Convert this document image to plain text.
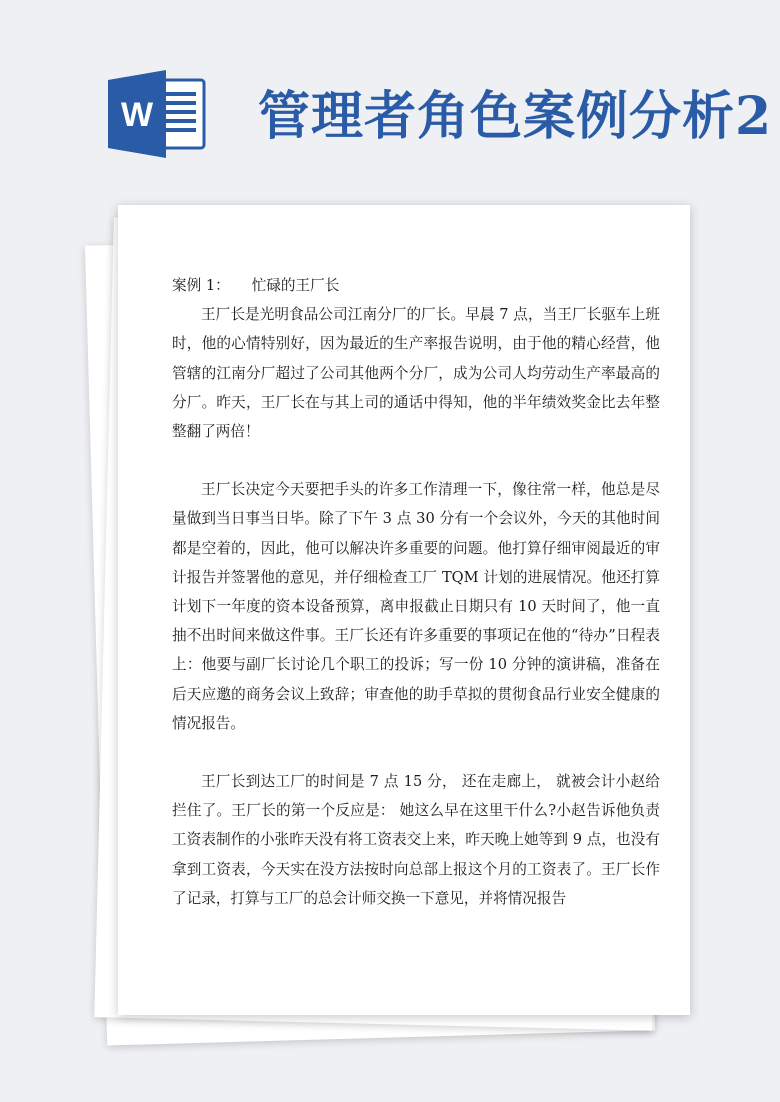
W 管理者角色案例分析2

案例 1： 忙碌的王厂长

王厂长是光明食品公司江南分厂的厂长。早晨 7 点，当王厂长驱车上班时，他的心情特别好，因为最近的生产率报告说明，由于他的精心经营，他管辖的江南分厂超过了公司其他两个分厂，成为公司人均劳动生产率最高的分厂。昨天，王厂长在与其上司的通话中得知，他的半年绩效奖金比去年整整翻了两倍！

王厂长决定今天要把手头的许多工作清理一下，像往常一样，他总是尽量做到当日事当日毕。除了下午 3 点 30 分有一个会议外，今天的其他时间都是空着的，因此，他可以解决许多重要的问题。他打算仔细审阅最近的审计报告并签署他的意见，并仔细检查工厂 TQM 计划的进展情况。他还打算计划下一年度的资本设备预算，离申报截止日期只有 10 天时间了，他一直抽不出时间来做这件事。王厂长还有许多重要的事项记在他的“待办”日程表上：他要与副厂长讨论几个职工的投诉；写一份 10 分钟的演讲稿，准备在后天应邀的商务会议上致辞；审查他的助手草拟的贯彻食品行业安全健康的情况报告。

王厂长到达工厂的时间是 7 点 15 分， 还在走廊上， 就被会计小赵给拦住了。王厂长的第一个反应是： 她这么早在这里干什么?小赵告诉他负责工资表制作的小张昨天没有将工资表交上来，昨天晚上她等到 9 点，也没有拿到工资表，今天实在没方法按时向总部上报这个月的工资表了。王厂长作了记录，打算与工厂的总会计师交换一下意见，并将情况报告
